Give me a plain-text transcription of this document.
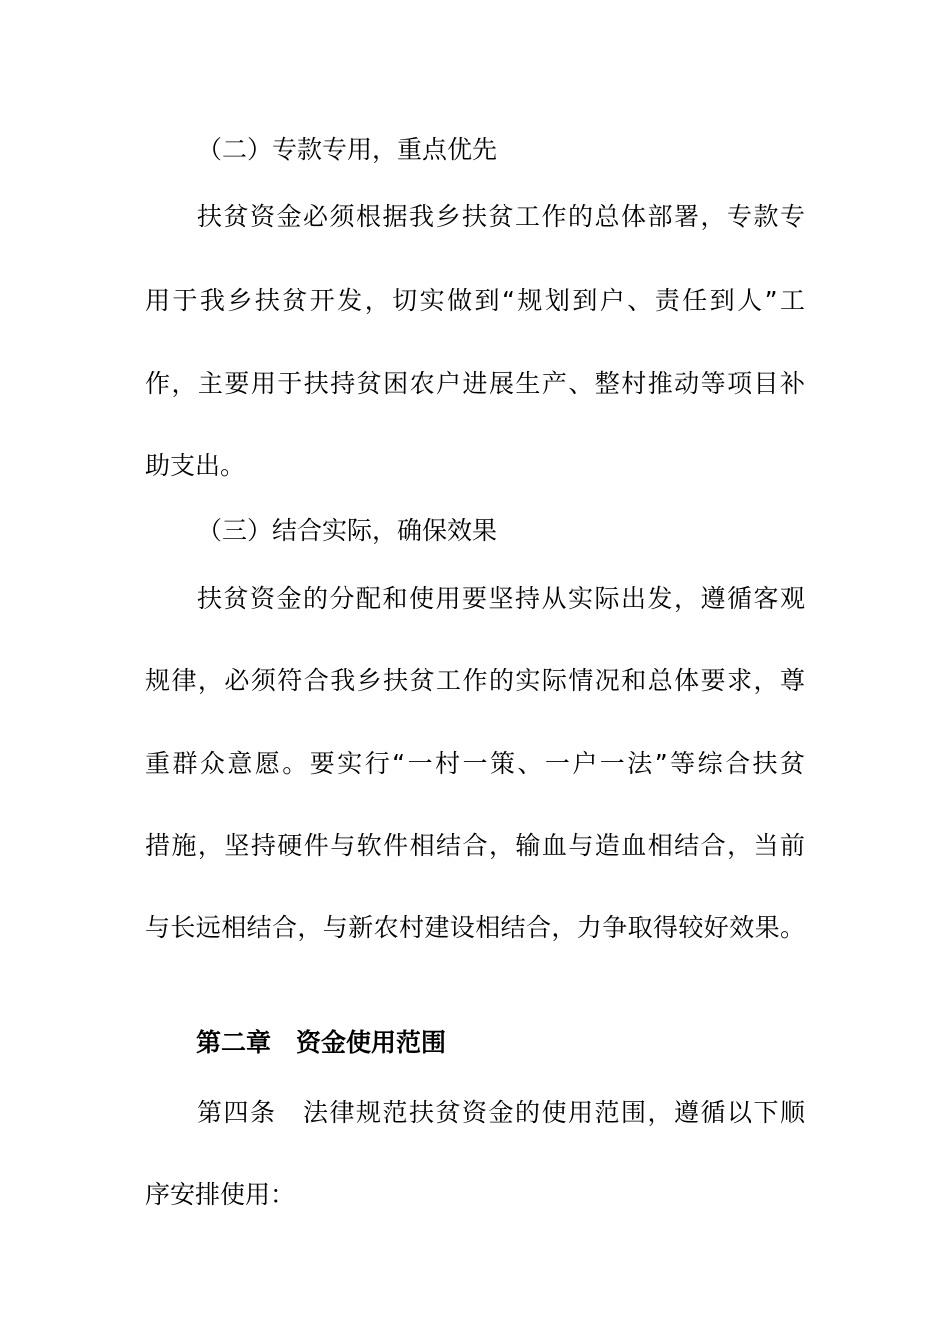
（二）专款专用，重点优先
扶贫资金必须根据我乡扶贫工作的总体部署，专款专
用于我乡扶贫开发，切实做到“规划到户、责任到人”工
作，主要用于扶持贫困农户进展生产、整村推动等项目补
助支出。
（三）结合实际，确保效果
扶贫资金的分配和使用要坚持从实际出发，遵循客观
规律，必须符合我乡扶贫工作的实际情况和总体要求，尊
重群众意愿。要实行“一村一策、一户一法”等综合扶贫
措施，坚持硬件与软件相结合，输血与造血相结合，当前
与长远相结合，与新农村建设相结合，力争取得较好效果。
第二章　资金使用范围
第四条　法律规范扶贫资金的使用范围，遵循以下顺
序安排使用：
